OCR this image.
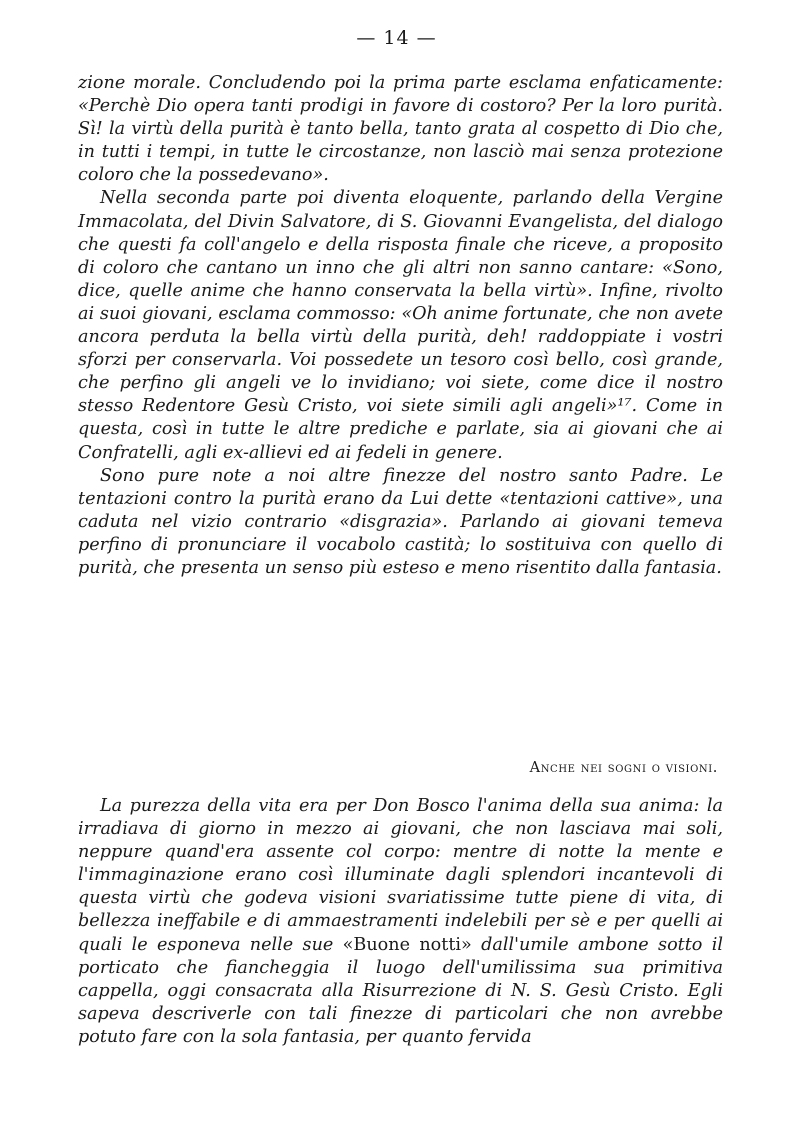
— 14 —

zione morale. Concludendo poi la prima parte esclama enfaticamente: «Perchè Dio opera tanti prodigi in favore di costoro? Per la loro purità. Sì! la virtù della purità è tanto bella, tanto grata al cospetto di Dio che, in tutti i tempi, in tutte le circostanze, non lasciò mai senza protezione coloro che la possedevano».

Nella seconda parte poi diventa eloquente, parlando della Vergine Immacolata, del Divin Salvatore, di S. Giovanni Evangelista, del dialogo che questi fa coll'angelo e della risposta finale che riceve, a proposito di coloro che cantano un inno che gli altri non sanno cantare: «Sono, dice, quelle anime che hanno conservata la bella virtù». Infine, rivolto ai suoi giovani, esclama commosso: «Oh anime fortunate, che non avete ancora perduta la bella virtù della purità, deh! raddoppiate i vostri sforzi per conservarla. Voi possedete un tesoro così bello, così grande, che perfino gli angeli ve lo invidiano; voi siete, come dice il nostro stesso Redentore Gesù Cristo, voi siete simili agli angeli»¹⁷. Come in questa, così in tutte le altre prediche e parlate, sia ai giovani che ai Confratelli, agli ex-allievi ed ai fedeli in genere.

Sono pure note a noi altre finezze del nostro santo Padre. Le tentazioni contro la purità erano da Lui dette «tentazioni cattive», una caduta nel vizio contrario «disgrazia». Parlando ai giovani temeva perfino di pronunciare il vocabolo castità; lo sostituiva con quello di purità, che presenta un senso più esteso e meno risentito dalla fantasia.

Anche nei sogni o visioni.

La purezza della vita era per Don Bosco l'anima della sua anima: la irradiava di giorno in mezzo ai giovani, che non lasciava mai soli, neppure quand'era assente col corpo: mentre di notte la mente e l'immaginazione erano così illuminate dagli splendori incantevoli di questa virtù che godeva visioni svariatissime tutte piene di vita, di bellezza ineffabile e di ammaestramenti indelebili per sè e per quelli ai quali le esponeva nelle sue «Buone notti» dall'umile ambone sotto il porticato che fiancheggia il luogo dell'umilissima sua primitiva cappella, oggi consacrata alla Risurrezione di N. S. Gesù Cristo. Egli sapeva descriverle con tali finezze di particolari che non avrebbe potuto fare con la sola fantasia, per quanto fervida
